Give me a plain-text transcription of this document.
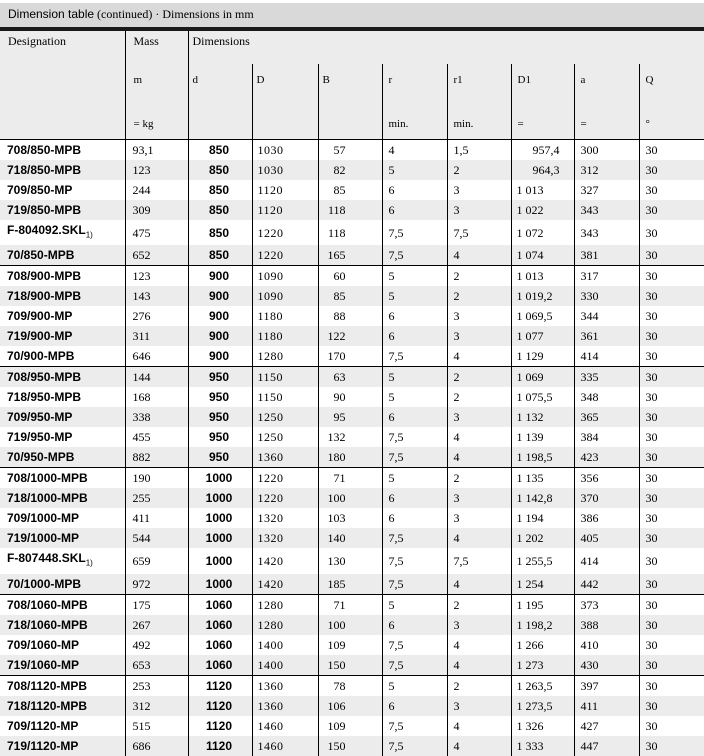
Dimension table (continued) · Dimensions in mm
Designation	Mass	Dimensions							
	m	d	D	B	r	r1	D1	a	Q
	= kg				min.	min.	=	=	°
708/850-MPB	93,1	850	1030	57	4	1,5	957,4	300	30
718/850-MPB	123	850	1030	82	5	2	964,3	312	30
709/850-MP	244	850	1120	85	6	3	1 013	327	30
719/850-MPB	309	850	1120	118	6	3	1 022	343	30
$F-804092.SKL_{1)}$	475	850	1220	118	7,5	7,5	1 072	343	30
70/850-MPB	652	850	1220	165	7,5	4	1 074	381	30
708/900-MPB	123	900	1090	60	5	2	1 013	317	30
718/900-MPB	143	900	1090	85	5	2	1 019,2	330	30
709/900-MP	276	900	1180	88	6	3	1 069,5	344	30
719/900-MP	311	900	1180	122	6	3	1 077	361	30
70/900-MPB	646	900	1280	170	7,5	4	1 129	414	30
708/950-MPB	144	950	1150	63	5	2	1 069	335	30
718/950-MPB	168	950	1150	90	5	2	1 075,5	348	30
709/950-MP	338	950	1250	95	6	3	1 132	365	30
719/950-MP	455	950	1250	132	7,5	4	1 139	384	30
70/950-MPB	882	950	1360	180	7,5	4	1 198,5	423	30
708/1000-MPB	190	1000	1220	71	5	2	1 135	356	30
718/1000-MPB	255	1000	1220	100	6	3	1 142,8	370	30
709/1000-MP	411	1000	1320	103	6	3	1 194	386	30
719/1000-MP	544	1000	1320	140	7,5	4	1 202	405	30
$F-807448.SKL_{1)}$	659	1000	1420	130	7,5	7,5	1 255,5	414	30
70/1000-MPB	972	1000	1420	185	7,5	4	1 254	442	30
708/1060-MPB	175	1060	1280	71	5	2	1 195	373	30
718/1060-MPB	267	1060	1280	100	6	3	1 198,2	388	30
709/1060-MP	492	1060	1400	109	7,5	4	1 266	410	30
719/1060-MP	653	1060	1400	150	7,5	4	1 273	430	30
708/1120-MPB	253	1120	1360	78	5	2	1 263,5	397	30
718/1120-MPB	312	1120	1360	106	6	3	1 273,5	411	30
709/1120-MP	515	1120	1460	109	7,5	4	1 326	427	30
719/1120-MP	686	1120	1460	150	7,5	4	1 333	447	30
